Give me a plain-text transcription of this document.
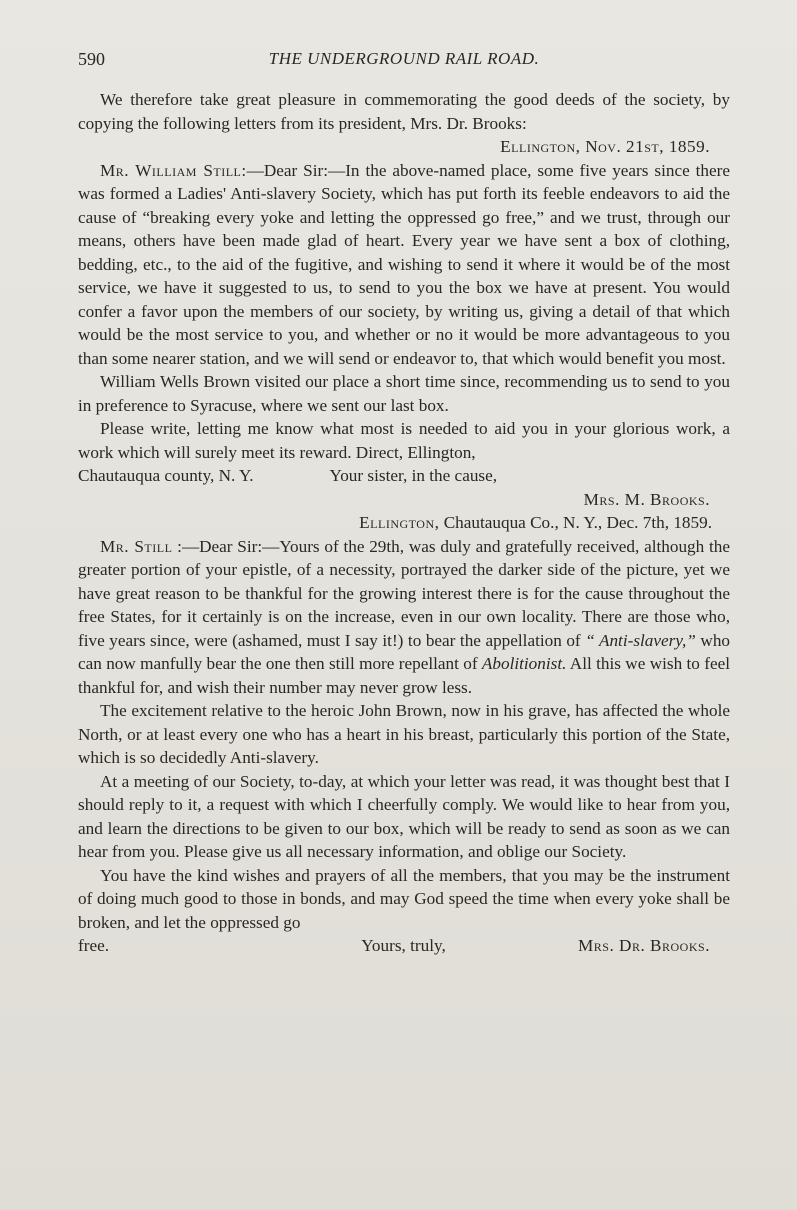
590	THE UNDERGROUND RAIL ROAD.

We therefore take great pleasure in commemorating the good deeds of the society, by copying the following letters from its president, Mrs. Dr. Brooks:

Ellington, Nov. 21st, 1859.

Mr. William Still:—Dear Sir:—In the above-named place, some five years since there was formed a Ladies' Anti-slavery Society, which has put forth its feeble endeavors to aid the cause of “breaking every yoke and letting the oppressed go free,” and we trust, through our means, others have been made glad of heart. Every year we have sent a box of clothing, bedding, etc., to the aid of the fugitive, and wishing to send it where it would be of the most service, we have it suggested to us, to send to you the box we have at present. You would confer a favor upon the members of our society, by writing us, giving a detail of that which would be the most service to you, and whether or no it would be more advantageous to you than some nearer station, and we will send or endeavor to, that which would benefit you most.

William Wells Brown visited our place a short time since, recommending us to send to you in preference to Syracuse, where we sent our last box.

Please write, letting me know what most is needed to aid you in your glorious work, a work which will surely meet its reward. Direct, Ellington,

Chautauqua county, N. Y.	Your sister, in the cause,

Mrs. M. Brooks.

Ellington, Chautauqua Co., N. Y., Dec. 7th, 1859.

Mr. Still :—Dear Sir:—Yours of the 29th, was duly and gratefully received, although the greater portion of your epistle, of a necessity, portrayed the darker side of the picture, yet we have great reason to be thankful for the growing interest there is for the cause throughout the free States, for it certainly is on the increase, even in our own locality. There are those who, five years since, were (ashamed, must I say it!) to bear the appellation of “ Anti-slavery,” who can now manfully bear the one then still more repellant of Abolitionist. All this we wish to feel thankful for, and wish their number may never grow less.

The excitement relative to the heroic John Brown, now in his grave, has affected the whole North, or at least every one who has a heart in his breast, particularly this portion of the State, which is so decidedly Anti-slavery.

At a meeting of our Society, to-day, at which your letter was read, it was thought best that I should reply to it, a request with which I cheerfully comply. We would like to hear from you, and learn the directions to be given to our box, which will be ready to send as soon as we can hear from you. Please give us all necessary information, and oblige our Society.

You have the kind wishes and prayers of all the members, that you may be the instrument of doing much good to those in bonds, and may God speed the time when every yoke shall be broken, and let the oppressed go

free.	Yours, truly,	Mrs. Dr. Brooks.
